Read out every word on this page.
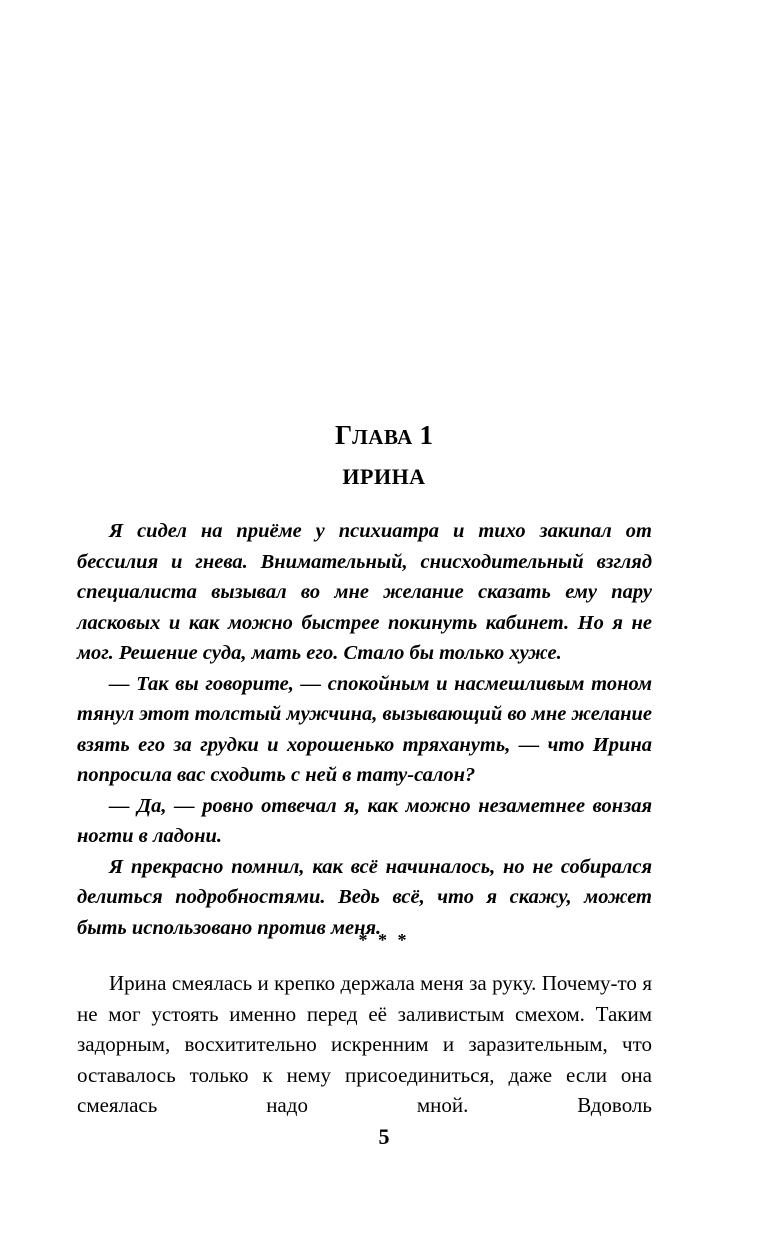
ГЛАВА 1
ИРИНА

Я сидел на приёме у психиатра и тихо закипал от бессилия и гнева. Внимательный, снисходительный взгляд специалиста вызывал во мне желание сказать ему пару ласковых и как можно быстрее покинуть кабинет. Но я не мог. Решение суда, мать его. Стало бы только хуже.

— Так вы говорите, — спокойным и насмешливым тоном тянул этот толстый мужчина, вызывающий во мне желание взять его за грудки и хорошенько тряхануть, — что Ирина попросила вас сходить с ней в тату-салон?

— Да, — ровно отвечал я, как можно незаметнее вонзая ногти в ладони.

Я прекрасно помнил, как всё начиналось, но не собирался делиться подробностями. Ведь всё, что я скажу, может быть использовано против меня.

* * *

Ирина смеялась и крепко держала меня за руку. Почему-то я не мог устоять именно перед её заливистым смехом. Таким задорным, восхитительно искренним и заразительным, что оставалось только к нему присоединиться, даже если она смеялась надо мной. Вдоволь

5
